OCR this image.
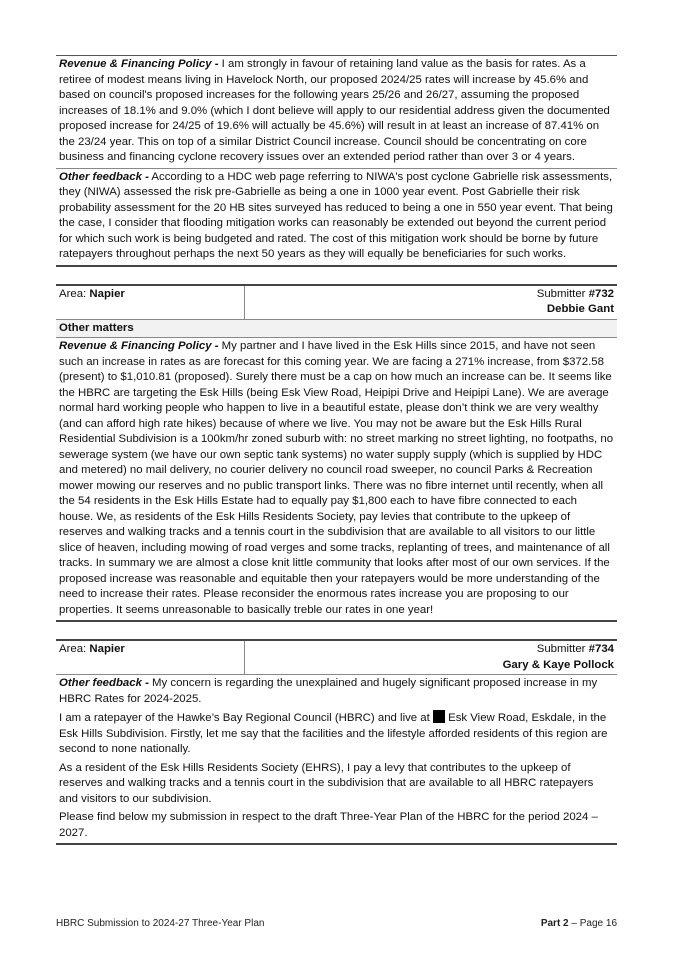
Revenue & Financing Policy - I am strongly in favour of retaining land value as the basis for rates. As a retiree of modest means living in Havelock North, our proposed 2024/25 rates will increase by 45.6% and based on council's proposed increases for the following years 25/26 and 26/27, assuming the proposed increases of 18.1% and 9.0% (which I dont believe will apply to our residential address given the documented proposed increase for 24/25 of 19.6% will actually be 45.6%) will result in at least an increase of 87.41% on the 23/24 year. This on top of a similar District Council increase. Council should be concentrating on core business and financing cyclone recovery issues over an extended period rather than over 3 or 4 years.
Other feedback - According to a HDC web page referring to NIWA's post cyclone Gabrielle risk assessments, they (NIWA) assessed the risk pre-Gabrielle as being a one in 1000 year event. Post Gabrielle their risk probability assessment for the 20 HB sites surveyed has reduced to being a one in 550 year event. That being the case, I consider that flooding mitigation works can reasonably be extended out beyond the current period for which such work is being budgeted and rated. The cost of this mitigation work should be borne by future ratepayers throughout perhaps the next 50 years as they will equally be beneficiaries for such works.
Area: Napier	Submitter #732
Debbie Gant
Other matters
Revenue & Financing Policy - My partner and I have lived in the Esk Hills since 2015, and have not seen such an increase in rates as are forecast for this coming year. We are facing a 271% increase, from $372.58 (present) to $1,010.81 (proposed). Surely there must be a cap on how much an increase can be. It seems like the HBRC are targeting the Esk Hills (being Esk View Road, Heipipi Drive and Heipipi Lane). We are average normal hard working people who happen to live in a beautiful estate, please don’t think we are very wealthy (and can afford high rate hikes) because of where we live. You may not be aware but the Esk Hills Rural Residential Subdivision is a 100km/hr zoned suburb with: no street marking no street lighting, no footpaths, no sewerage system (we have our own septic tank systems) no water supply supply (which is supplied by HDC and metered) no mail delivery, no courier delivery no council road sweeper, no council Parks & Recreation mower mowing our reserves and no public transport links. There was no fibre internet until recently, when all the 54 residents in the Esk Hills Estate had to equally pay $1,800 each to have fibre connected to each house. We, as residents of the Esk Hills Residents Society, pay levies that contribute to the upkeep of reserves and walking tracks and a tennis court in the subdivision that are available to all visitors to our little slice of heaven, including mowing of road verges and some tracks, replanting of trees, and maintenance of all tracks. In summary we are almost a close knit little community that looks after most of our own services. If the proposed increase was reasonable and equitable then your ratepayers would be more understanding of the need to increase their rates. Please reconsider the enormous rates increase you are proposing to our properties. It seems unreasonable to basically treble our rates in one year!
Area: Napier	Submitter #734
Gary & Kaye Pollock
Other feedback - My concern is regarding the unexplained and hugely significant proposed increase in my HBRC Rates for 2024-2025.
I am a ratepayer of the Hawke’s Bay Regional Council (HBRC) and live at  Esk View Road, Eskdale, in the Esk Hills Subdivision. Firstly, let me say that the facilities and the lifestyle afforded residents of this region are second to none nationally.
As a resident of the Esk Hills Residents Society (EHRS), I pay a levy that contributes to the upkeep of reserves and walking tracks and a tennis court in the subdivision that are available to all HBRC ratepayers and visitors to our subdivision.
Please find below my submission in respect to the draft Three-Year Plan of the HBRC for the period 2024 – 2027.
HBRC Submission to 2024-27 Three-Year Plan	Part 2 – Page 16
